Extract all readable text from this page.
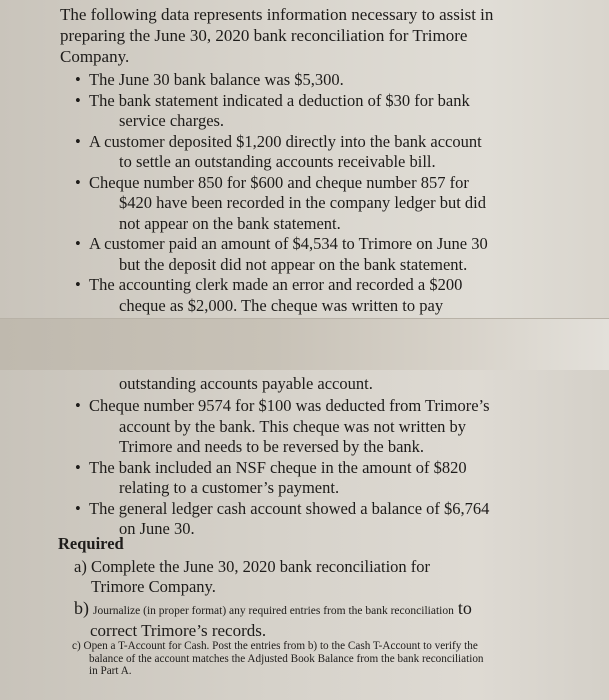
The following data represents information necessary to assist in
preparing the June 30, 2020 bank reconciliation for Trimore
Company.
• The June 30 bank balance was $5,300.
• The bank statement indicated a deduction of $30 for bank
service charges.
• A customer deposited $1,200 directly into the bank account
to settle an outstanding accounts receivable bill.
• Cheque number 850 for $600 and cheque number 857 for
$420 have been recorded in the company ledger but did
not appear on the bank statement.
• A customer paid an amount of $4,534 to Trimore on June 30
but the deposit did not appear on the bank statement.
• The accounting clerk made an error and recorded a $200
cheque as $2,000. The cheque was written to pay
outstanding accounts payable account.
• Cheque number 9574 for $100 was deducted from Trimore’s
account by the bank. This cheque was not written by
Trimore and needs to be reversed by the bank.
• The bank included an NSF cheque in the amount of $820
relating to a customer’s payment.
• The general ledger cash account showed a balance of $6,764
on June 30.
Required
a) Complete the June 30, 2020 bank reconciliation for
Trimore Company.
b) Journalize (in proper format) any required entries from the bank reconciliation to
correct Trimore’s records.
c) Open a T-Account for Cash. Post the entries from b) to the Cash T-Account to verify the
balance of the account matches the Adjusted Book Balance from the bank reconciliation
in Part A.
